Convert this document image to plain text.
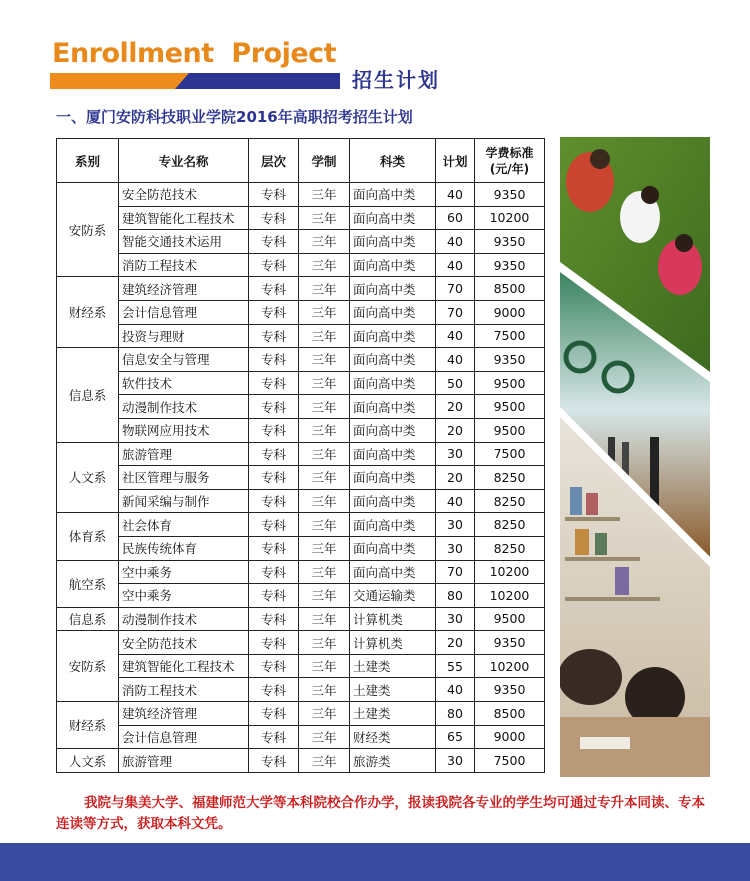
Enrollment  Project
招生计划
一、厦门安防科技职业学院2016年高职招考招生计划
系别	专业名称	层次	学制	科类	计划	学费标准
(元/年)
安防系	安全防范技术	专科	三年	面向高中类	40	9350
	建筑智能化工程技术	专科	三年	面向高中类	60	10200
	智能交通技术运用	专科	三年	面向高中类	40	9350
	消防工程技术	专科	三年	面向高中类	40	9350
财经系	建筑经济管理	专科	三年	面向高中类	70	8500
	会计信息管理	专科	三年	面向高中类	70	9000
	投资与理财	专科	三年	面向高中类	40	7500
信息系	信息安全与管理	专科	三年	面向高中类	40	9350
	软件技术	专科	三年	面向高中类	50	9500
	动漫制作技术	专科	三年	面向高中类	20	9500
	物联网应用技术	专科	三年	面向高中类	20	9500
人文系	旅游管理	专科	三年	面向高中类	30	7500
	社区管理与服务	专科	三年	面向高中类	20	8250
	新闻采编与制作	专科	三年	面向高中类	40	8250
体育系	社会体育	专科	三年	面向高中类	30	8250
	民族传统体育	专科	三年	面向高中类	30	8250
航空系	空中乘务	专科	三年	面向高中类	70	10200
	空中乘务	专科	三年	交通运输类	80	10200
信息系	动漫制作技术	专科	三年	计算机类	30	9500
安防系	安全防范技术	专科	三年	计算机类	20	9350
	建筑智能化工程技术	专科	三年	土建类	55	10200
	消防工程技术	专科	三年	土建类	40	9350
财经系	建筑经济管理	专科	三年	土建类	80	8500
	会计信息管理	专科	三年	财经类	65	9000
人文系	旅游管理	专科	三年	旅游类	30	7500
我院与集美大学、福建师范大学等本科院校合作办学，报读我院各专业的学生均可通过专升本同读、专本连读等方式，获取本科文凭。
